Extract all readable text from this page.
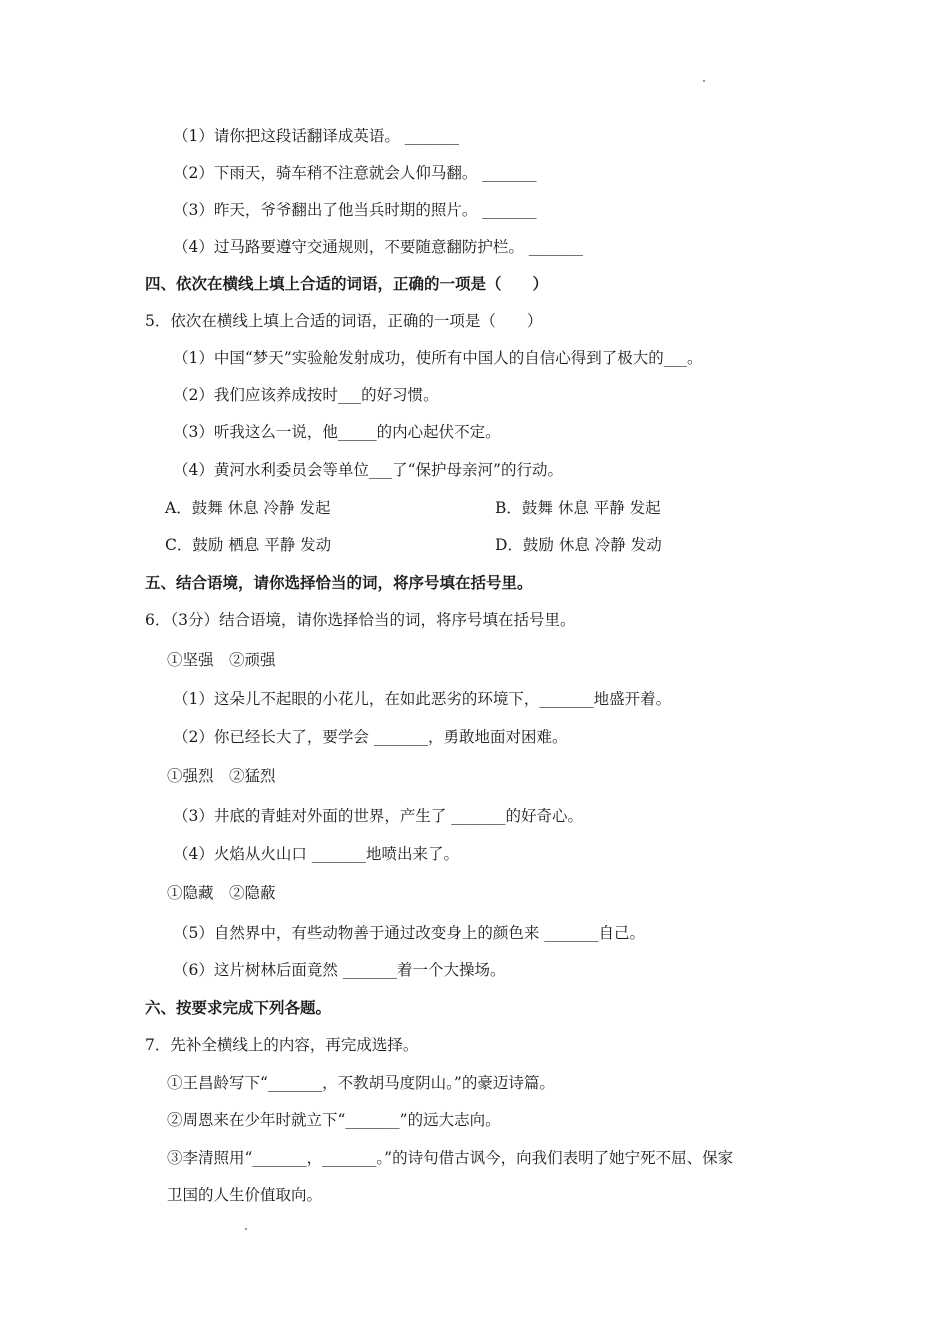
（1）请你把这段话翻译成英语。 _______
（2）下雨天，骑车稍不注意就会人仰马翻。 _______
（3）昨天，爷爷翻出了他当兵时期的照片。 _______
（4）过马路要遵守交通规则，不要随意翻防护栏。 _______
四、依次在横线上填上合适的词语，正确的一项是（　　）
5．依次在横线上填上合适的词语，正确的一项是（　　）
（1）中国“梦天”实验舱发射成功，使所有中国人的自信心得到了极大的___。
（2）我们应该养成按时___的好习惯。
（3）听我这么一说，他_____的内心起伏不定。
（4）黄河水利委员会等单位___了“保护母亲河”的行动。
A．鼓舞 休息 冷静 发起	B．鼓舞 休息 平静 发起
C．鼓励 栖息 平静 发动	D．鼓励 休息 冷静 发动
五、结合语境，请你选择恰当的词，将序号填在括号里。
6．（3分）结合语境，请你选择恰当的词，将序号填在括号里。
①坚强　②顽强
（1）这朵儿不起眼的小花儿，在如此恶劣的环境下，_______地盛开着。
（2）你已经长大了，要学会 _______，勇敢地面对困难。
①强烈　②猛烈
（3）井底的青蛙对外面的世界，产生了 _______的好奇心。
（4）火焰从火山口 _______地喷出来了。
①隐藏　②隐蔽
（5）自然界中，有些动物善于通过改变身上的颜色来 _______自己。
（6）这片树林后面竟然 _______着一个大操场。
六、按要求完成下列各题。
7．先补全横线上的内容，再完成选择。
①王昌龄写下“_______，不教胡马度阴山。”的豪迈诗篇。
②周恩来在少年时就立下“_______”的远大志向。
③李清照用“_______，_______。”的诗句借古讽今，向我们表明了她宁死不屈、保家
卫国的人生价值取向。
